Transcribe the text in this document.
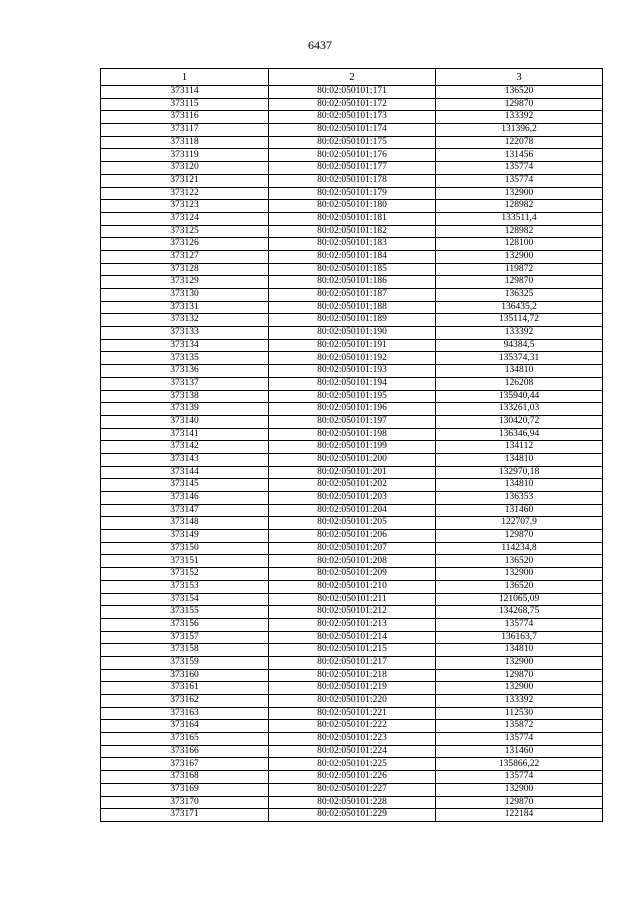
6437
1	2	3
373114	80:02:050101:171	136520
373115	80:02:050101:172	129870
373116	80:02:050101:173	133392
373117	80:02:050101:174	131396,2
373118	80:02:050101:175	122078
373119	80:02:050101:176	131456
373120	80:02:050101:177	135774
373121	80:02:050101:178	135774
373122	80:02:050101:179	132900
373123	80:02:050101:180	128982
373124	80:02:050101:181	133511,4
373125	80:02:050101:182	128982
373126	80:02:050101:183	128100
373127	80:02:050101:184	132900
373128	80:02:050101:185	119872
373129	80:02:050101:186	129870
373130	80:02:050101:187	136325
373131	80:02:050101:188	136435,2
373132	80:02:050101:189	135114,72
373133	80:02:050101:190	133392
373134	80:02:050101:191	94384,5
373135	80:02:050101:192	135374,31
373136	80:02:050101:193	134810
373137	80:02:050101:194	126208
373138	80:02:050101:195	135940,44
373139	80:02:050101:196	133261,03
373140	80:02:050101:197	130420,72
373141	80:02:050101:198	136346,94
373142	80:02:050101:199	134112
373143	80:02:050101:200	134810
373144	80:02:050101:201	132970,18
373145	80:02:050101:202	134810
373146	80:02:050101:203	136353
373147	80:02:050101:204	131460
373148	80:02:050101:205	122707,9
373149	80:02:050101:206	129870
373150	80:02:050101:207	114234,8
373151	80:02:050101:208	136520
373152	80:02:050101:209	132900
373153	80:02:050101:210	136520
373154	80:02:050101:211	121065,09
373155	80:02:050101:212	134268,75
373156	80:02:050101:213	135774
373157	80:02:050101:214	136163,7
373158	80:02:050101:215	134810
373159	80:02:050101:217	132900
373160	80:02:050101:218	129870
373161	80:02:050101:219	132900
373162	80:02:050101:220	133392
373163	80:02:050101:221	112530
373164	80:02:050101:222	135872
373165	80:02:050101:223	135774
373166	80:02:050101:224	131460
373167	80:02:050101:225	135866,22
373168	80:02:050101:226	135774
373169	80:02:050101:227	132900
373170	80:02:050101:228	129870
373171	80:02:050101:229	122184
